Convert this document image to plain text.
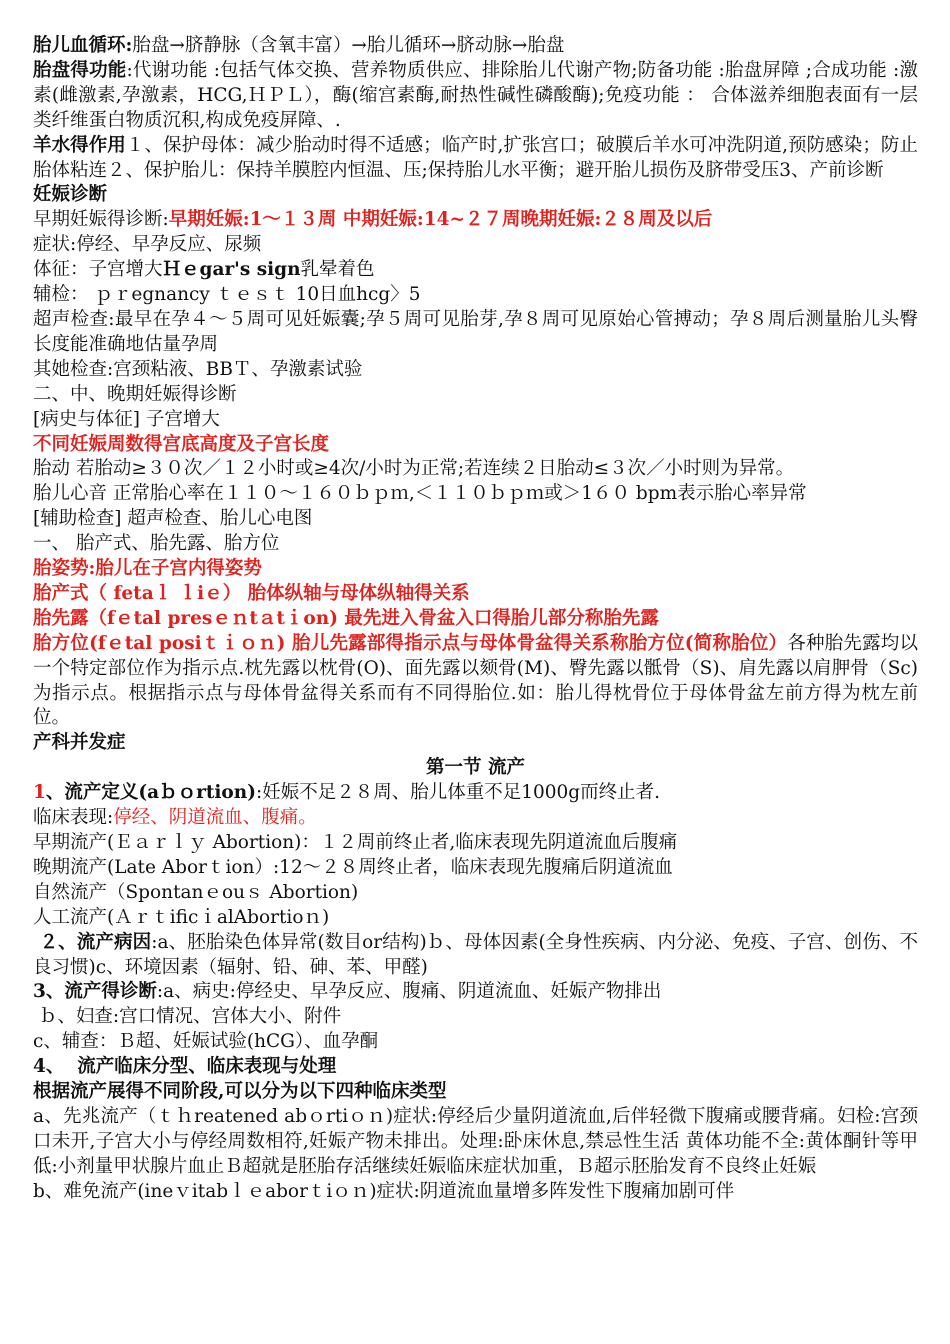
胎儿血循环:胎盘→脐静脉（含氧丰富）→胎儿循环→脐动脉→胎盘
胎盘得功能:代谢功能 :包括气体交换、营养物质供应、排除胎儿代谢产物;防备功能 :胎盘屏障 ;合成功能 :激素(雌激素,孕激素，HCG,ＨＰＬ），酶(缩宫素酶,耐热性碱性磷酸酶);免疫功能 ： 合体滋养细胞表面有一层类纤维蛋白物质沉积,构成免疫屏障、.
羊水得作用１、保护母体：减少胎动时得不适感；临产时,扩张宫口；破膜后羊水可冲洗阴道,预防感染；防止胎体粘连２、保护胎儿：保持羊膜腔内恒温、压;保持胎儿水平衡；避开胎儿损伤及脐带受压3、产前诊断
妊娠诊断
早期妊娠得诊断:早期妊娠:1～１３周 中期妊娠:14~２７周晚期妊娠:２８周及以后
症状:停经、早孕反应、尿频
体征：子宫增大Ｈｅgar's sign乳晕着色
辅检： ｐｒegnancy ｔｅｓｔ 10日血hcg〉5
超声检查:最早在孕４～５周可见妊娠囊;孕５周可见胎芽,孕８周可见原始心管搏动；孕８周后测量胎儿头臀长度能准确地估量孕周
其她检查:宫颈粘液、BBＴ、孕激素试验
二、中、晚期妊娠得诊断
[病史与体征] 子宫增大
不同妊娠周数得宫底高度及子宫长度
胎动 若胎动≥３０次／１２小时或≥4次/小时为正常;若连续２日胎动≤３次／小时则为异常。
胎儿心音 正常胎心率在１１０～１６０ｂｐｍ,＜１１０ｂｐｍ或＞1６０ bpm表示胎心率异常
[辅助检查] 超声检查、胎儿心电图
一、 胎产式、胎先露、胎方位
胎姿势:胎儿在子宫内得姿势
胎产式（ fetaｌ ｌiｅ） 胎体纵轴与母体纵轴得关系
胎先露（fｅtal presｅｎtａtｉon) 最先进入骨盆入口得胎儿部分称胎先露
胎方位(fｅtal posiｔｉｏｎ) 胎儿先露部得指示点与母体骨盆得关系称胎方位(简称胎位）各种胎先露均以一个特定部位作为指示点.枕先露以枕骨(O)、面先露以颏骨(M)、臀先露以骶骨（S)、肩先露以肩胛骨（Sc)为指示点。根据指示点与母体骨盆得关系而有不同得胎位.如：胎儿得枕骨位于母体骨盆左前方得为枕左前位。
产科并发症
第一节 流产
1、流产定义(aｂｏrtion):妊娠不足２８周、胎儿体重不足1000g而终止者.
临床表现:停经、阴道流血、腹痛。
早期流产(Ｅａｒｌｙ Abortion)：１２周前终止者,临床表现先阴道流血后腹痛
晚期流产(Late Aborｔion）:12～２８周终止者，临床表现先腹痛后阴道流血
自然流产（Spontanｅouｓ Abortion)
人工流产(ＡｒｔificｉalAbortioｎ)
２、流产病因:a、胚胎染色体异常(数目or结构)ｂ、母体因素(全身性疾病、内分泌、免疫、子宫、创伤、不良习惯)c、环境因素（辐射、铅、砷、苯、甲醛)
3、流产得诊断:a、病史:停经史、早孕反应、腹痛、阴道流血、妊娠产物排出
ｂ、妇查:宫口情况、宫体大小、附件
c、辅查：Ｂ超、妊娠试验(hCG）、血孕酮
4、  流产临床分型、临床表现与处理
根据流产展得不同阶段,可以分为以下四种临床类型
a、先兆流产（ｔｈreatened abｏrtiｏｎ)症状:停经后少量阴道流血,后伴轻微下腹痛或腰背痛。妇检:宫颈口未开,子宫大小与停经周数相符,妊娠产物未排出。处理:卧床休息,禁忌性生活 黄体功能不全:黄体酮针等甲低:小剂量甲状腺片血止Ｂ超就是胚胎存活继续妊娠临床症状加重，Ｂ超示胚胎发育不良终止妊娠
b、难免流产(ineｖitabｌｅaborｔiｏｎ)症状:阴道流血量增多阵发性下腹痛加剧可伴
